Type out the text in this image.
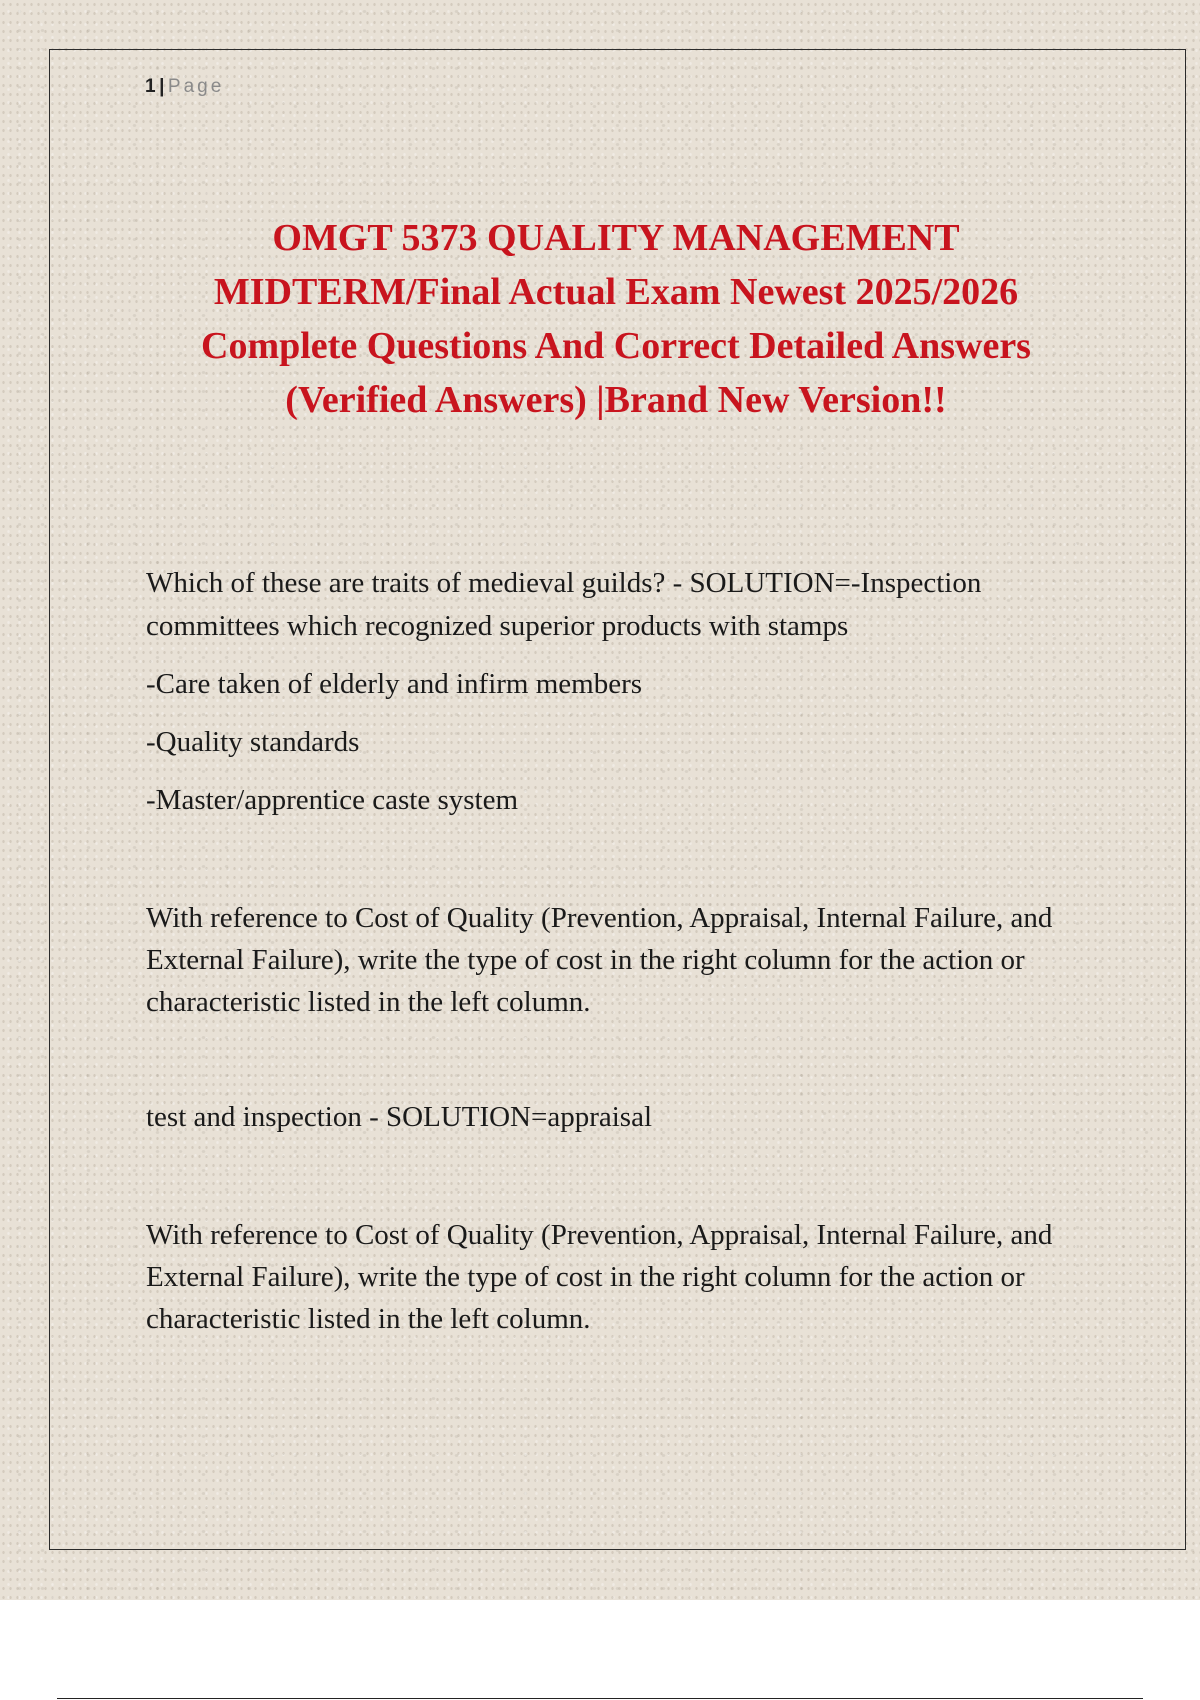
1 | Page
OMGT 5373 QUALITY MANAGEMENT
MIDTERM/Final Actual Exam Newest 2025/2026
Complete Questions And Correct Detailed Answers
(Verified Answers) |Brand New Version!!

Which of these are traits of medieval guilds? - SOLUTION=-Inspection committees which recognized superior products with stamps

-Care taken of elderly and infirm members

-Quality standards

-Master/apprentice caste system

With reference to Cost of Quality (Prevention, Appraisal, Internal Failure, and External Failure), write the type of cost in the right column for the action or characteristic listed in the left column.

test and inspection - SOLUTION=appraisal

With reference to Cost of Quality (Prevention, Appraisal, Internal Failure, and External Failure), write the type of cost in the right column for the action or characteristic listed in the left column.
